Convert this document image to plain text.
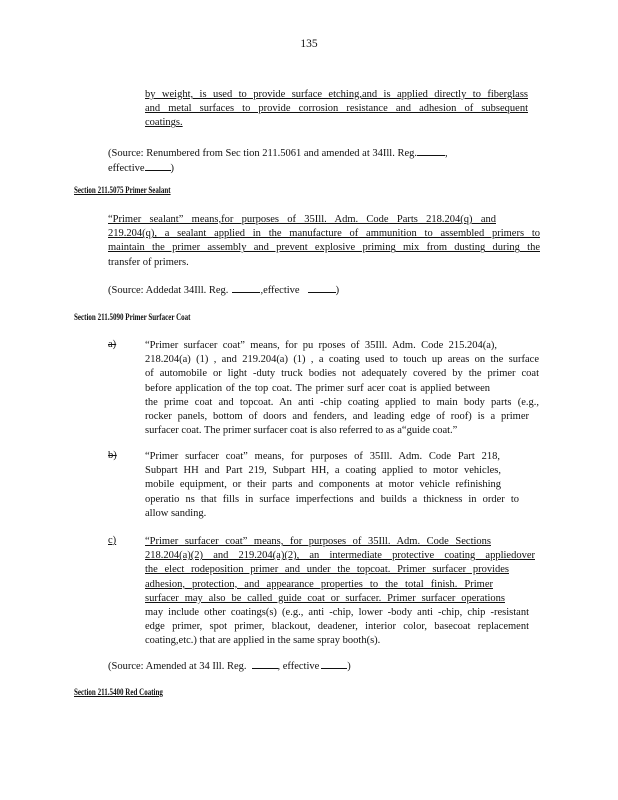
135
by weight, is used to provide surface etching,and is applied directly to fiberglass
and metal surfaces to provide corrosion resistance and adhesion of subsequent
coatings.
(Source: Renumbered from Sec tion 211.5061 and amended at 34Ill. Reg.	,
effective )
Section 211.5075 Primer Sealant
“Primer sealant” means,for purposes of 35Ill. Adm. Code Parts 218.204(q) and
219.204(q), a sealant applied in the manufacture of ammunition to assembled primers to
maintain the primer assembly and prevent explosive priming mix from dusting during the
transfer of primers.
(Source: Addedat 34Ill. Reg.	,effective	)
Section 211.5090 Primer Surfacer Coat
a)	“Primer surfacer coat” means, for pu rposes of 35Ill. Adm. Code 215.204(a),
218.204(a) (1) , and 219.204(a) (1) , a coating used to touch up areas on the surface
of automobile or light -duty truck bodies not adequately covered by the primer coat
before application of the top coat. The primer surf acer coat is applied between
the prime coat and topcoat. An anti -chip coating applied to main body parts (e.g.,
rocker panels, bottom of doors and fenders, and leading edge of roof) is a primer
surfacer coat. The primer surfacer coat is also referred to as a“guide coat.”
b)	“Primer surfacer coat” means, for purposes of 35Ill. Adm. Code Part 218,
Subpart HH and Part 219, Subpart HH, a coating applied to motor vehicles,
mobile equipment, or their parts and components at motor vehicle refinishing
operatio ns that fills in surface imperfections and builds a thickness in order to
allow sanding.
c)	“Primer surfacer coat” means, for purposes of 35Ill. Adm. Code Sections
218.204(a)(2) and 219.204(a)(2), an intermediate protective coating appliedover
the elect rodeposition primer and under the topcoat. Primer surfacer provides
adhesion, protection, and appearance properties to the total finish. Primer
surfacer may also be called guide coat or surfacer. Primer surfacer operations
may include other coatings(s) (e.g., anti -chip, lower -body anti -chip, chip -resistant
edge primer, spot primer, blackout, deadener, interior color, basecoat replacement
coating,etc.) that are applied in the same spray booth(s).
(Source: Amended at 34 Ill. Reg.	, effective	)
Section 211.5400 Red Coating
